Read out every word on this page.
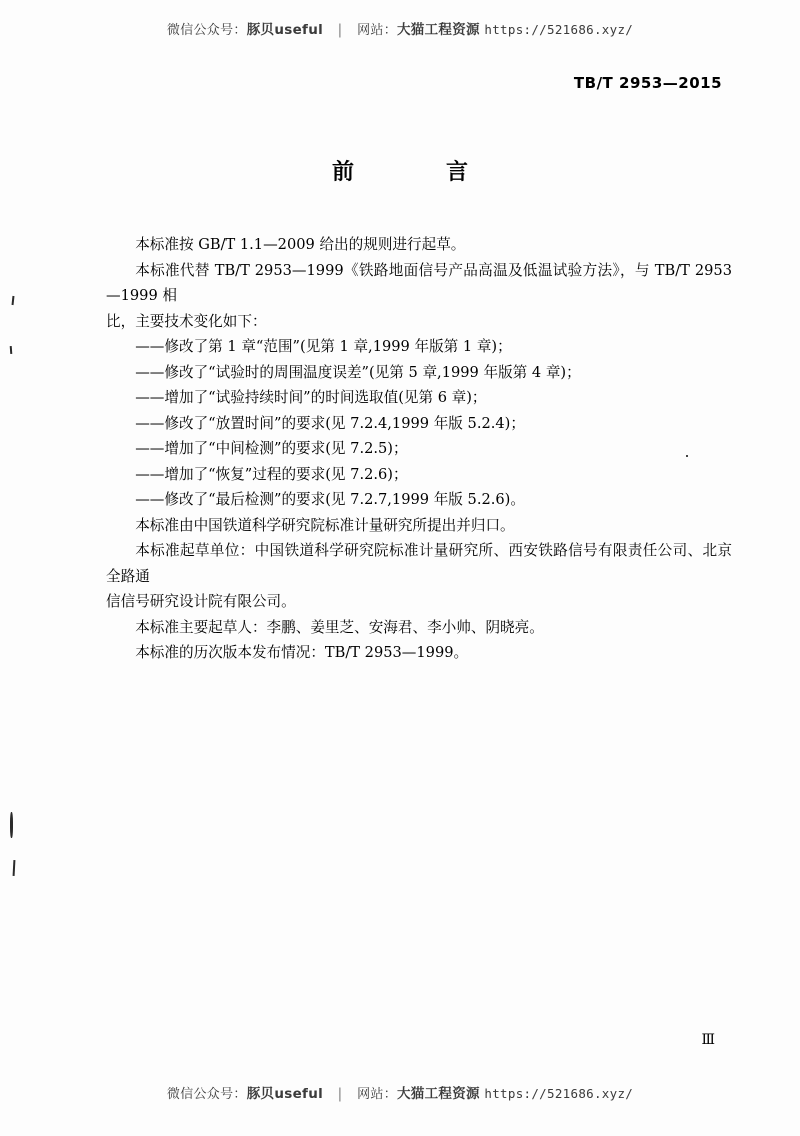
微信公众号：豚贝useful | 网站：大猫工程资源 https://521686.xyz/
TB/T 2953—2015
前　　言

本标准按 GB/T 1.1—2009 给出的规则进行起草。

本标准代替 TB/T 2953—1999《铁路地面信号产品高温及低温试验方法》，与 TB/T 2953—1999 相

比，主要技术变化如下：

——修改了第 1 章“范围”(见第 1 章,1999 年版第 1 章)；

——修改了“试验时的周围温度误差”(见第 5 章,1999 年版第 4 章)；

——增加了“试验持续时间”的时间选取值(见第 6 章)；

——修改了“放置时间”的要求(见 7.2.4,1999 年版 5.2.4)；

——增加了“中间检测”的要求(见 7.2.5)；

——增加了“恢复”过程的要求(见 7.2.6)；

——修改了“最后检测”的要求(见 7.2.7,1999 年版 5.2.6)。

本标准由中国铁道科学研究院标准计量研究所提出并归口。

本标准起草单位：中国铁道科学研究院标准计量研究所、西安铁路信号有限责任公司、北京全路通

信信号研究设计院有限公司。

本标准主要起草人：李鹏、姜里芝、安海君、李小帅、阴晓亮。

本标准的历次版本发布情况：TB/T 2953—1999。

Ⅲ
微信公众号：豚贝useful | 网站：大猫工程资源 https://521686.xyz/
